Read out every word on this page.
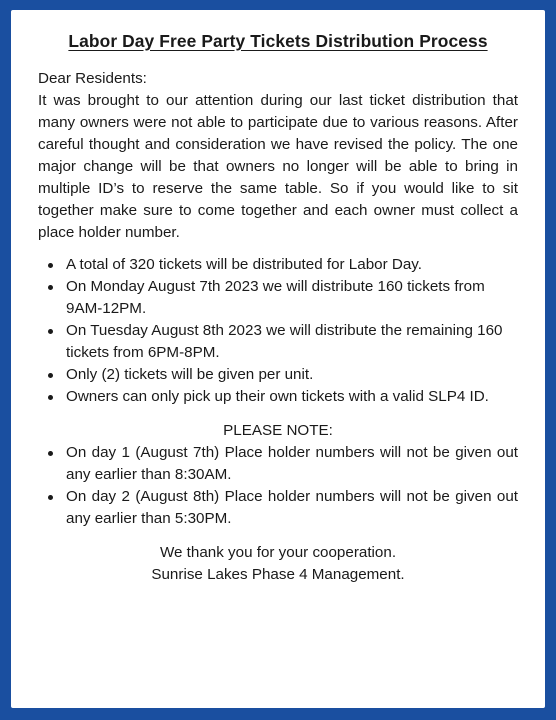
Labor Day Free Party Tickets Distribution Process
Dear Residents:
It was brought to our attention during our last ticket distribution that many owners were not able to participate due to various reasons. After careful thought and consideration we have revised the policy. The one major change will be that owners no longer will be able to bring in multiple ID’s to reserve the same table. So if you would like to sit together make sure to come together and each owner must collect a place holder number.
A total of 320 tickets will be distributed for Labor Day.
On Monday August 7th 2023 we will distribute 160 tickets from 9AM-12PM.
On Tuesday August 8th 2023 we will distribute the remaining 160 tickets from 6PM-8PM.
Only (2) tickets will be given per unit.
Owners can only pick up their own tickets with a valid SLP4 ID.
PLEASE NOTE:
On day 1 (August 7th) Place holder numbers will not be given out any earlier than 8:30AM.
On day 2 (August 8th) Place holder numbers will not be given out any earlier than 5:30PM.
We thank you for your cooperation.
Sunrise Lakes Phase 4 Management.
